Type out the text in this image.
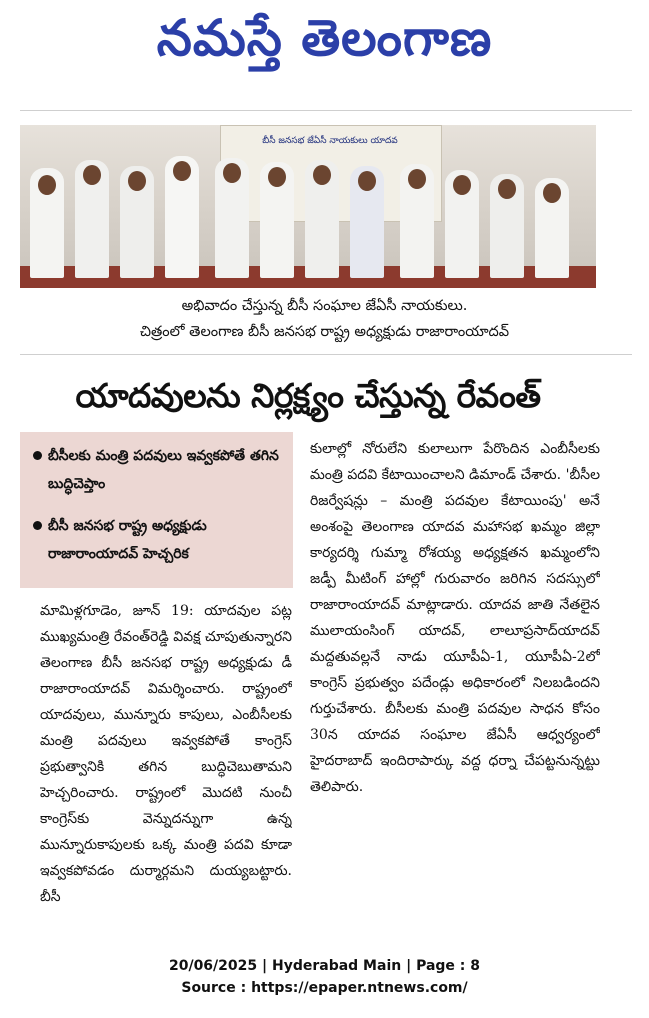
నమస్తే తెలంగాణ
బీసీ జనసభ జేఏసీ నాయకులు యాదవ
అభివాదం చేస్తున్న బీసీ సంఘాల జేఏసీ నాయకులు.
చిత్రంలో తెలంగాణ బీసీ జనసభ రాష్ట్ర అధ్యక్షుడు రాజారాంయాదవ్
యాదవులను నిర్లక్ష్యం చేస్తున్న రేవంత్
బీసీలకు మంత్రి పదవులు ఇవ్వకపోతే తగిన బుద్ధిచెప్తాం
బీసీ జనసభ రాష్ట్ర అధ్యక్షుడు రాజారాంయాదవ్ హెచ్చరిక

మామిళ్లగూడెం, జూన్ 19: యాదవుల పట్ల ముఖ్యమంత్రి రేవంత్‌రెడ్డి వివక్ష చూపుతున్నారని తెలంగాణ బీసీ జనసభ రాష్ట్ర అధ్యక్షుడు డీ రాజారాంయాదవ్ విమర్శించారు. రాష్ట్రంలో యాదవులు, మున్నూరు కాపులు, ఎంబీసీలకు మంత్రి పదవులు ఇవ్వకపోతే కాంగ్రెస్ ప్రభుత్వానికి తగిన బుద్ధిచెబుతామని హెచ్చరించారు. రాష్ట్రంలో మొదటి నుంచీ కాంగ్రెస్‌కు వెన్నుదన్నుగా ఉన్న మున్నూరుకాపులకు ఒక్క మంత్రి పదవి కూడా ఇవ్వకపోవడం దుర్మార్గమని దుయ్యబట్టారు. బీసీ

కులాల్లో నోరులేని కులాలుగా పేరొందిన ఎంబీసీలకు మంత్రి పదవి కేటాయించాలని డిమాండ్ చేశారు. 'బీసీల రిజర్వేషన్లు – మంత్రి పదవుల కేటాయింపు' అనే అంశంపై తెలంగాణ యాదవ మహాసభ ఖమ్మం జిల్లా కార్యదర్శి గుమ్మా రోశయ్య అధ్యక్షతన ఖమ్మంలోని జడ్పీ మీటింగ్ హాల్లో గురువారం జరిగిన సదస్సులో రాజారాంయాదవ్ మాట్లాడారు. యాదవ జాతి నేతలైన ములాయంసింగ్ యాదవ్, లాలూప్రసాద్‌యాదవ్ మద్దతువల్లనే నాడు యూపీఏ-1, యూపీఏ-2లో కాంగ్రెస్ ప్రభుత్వం పదేండ్లు అధికారంలో నిలబడిందని గుర్తుచేశారు. బీసీలకు మంత్రి పదవుల సాధన కోసం 30న యాదవ సంఘాల జేఏసీ ఆధ్వర్యంలో హైదరాబాద్ ఇందిరాపార్కు వద్ద ధర్నా చేపట్టనున్నట్టు తెలిపారు.

20/06/2025 | Hyderabad Main | Page : 8
Source : https://epaper.ntnews.com/
